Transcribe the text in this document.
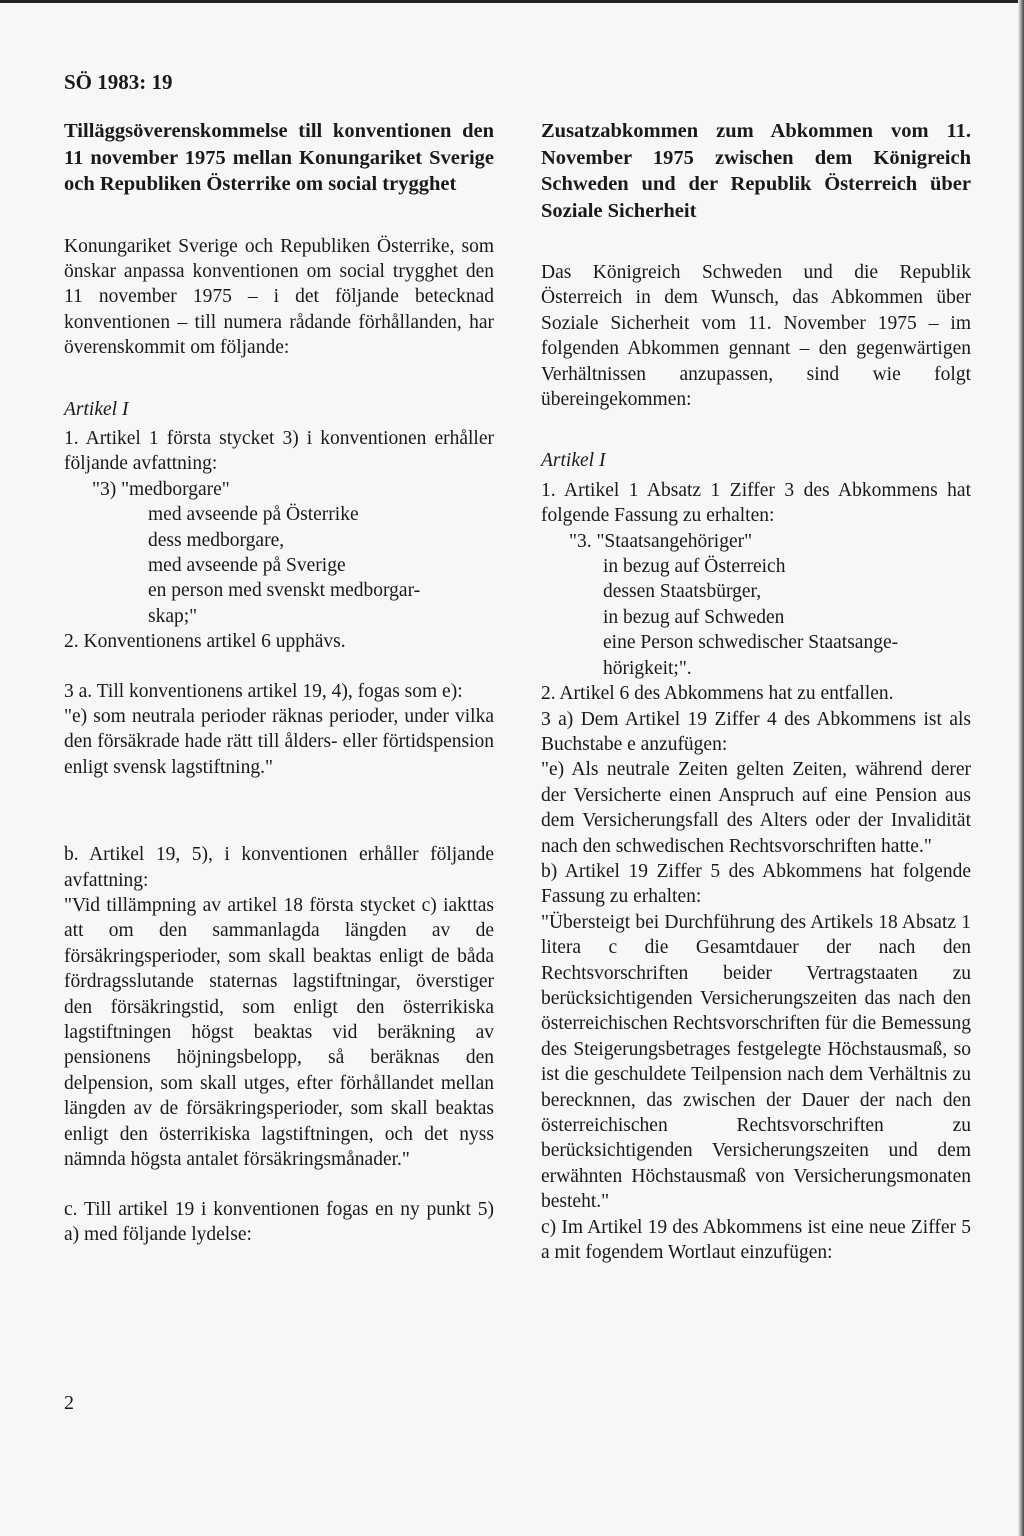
SÖ 1983: 19

Tilläggsöverenskommelse till konventionen den 11 november 1975 mellan Konungariket Sverige och Republiken Österrike om social trygghet

Konungariket Sverige och Republiken Österrike, som önskar anpassa konventionen om social trygghet den 11 november 1975 – i det följande betecknad konventionen – till numera rådande förhållanden, har överenskommit om följande:

Artikel I

1. Artikel 1 första stycket 3) i konventionen erhåller följande avfattning:

"3) "medborgare"
med avseende på Österrike
dess medborgare,
med avseende på Sverige
en person med svenskt medborgar-
skap;"

2. Konventionens artikel 6 upphävs.

3 a. Till konventionens artikel 19, 4), fogas som e):

"e) som neutrala perioder räknas perioder, under vilka den försäkrade hade rätt till ålders- eller förtidspension enligt svensk lagstiftning."

b. Artikel 19, 5), i konventionen erhåller följande avfattning:

"Vid tillämpning av artikel 18 första stycket c) iakttas att om den sammanlagda längden av de försäkringsperioder, som skall beaktas enligt de båda fördragsslutande staternas lagstiftningar, överstiger den försäkringstid, som enligt den österrikiska lagstiftningen högst beaktas vid beräkning av pensionens höjningsbelopp, så beräknas den delpension, som skall utges, efter förhållandet mellan längden av de försäkringsperioder, som skall beaktas enligt den österrikiska lagstiftningen, och det nyss nämnda högsta antalet försäkringsmånader."

c. Till artikel 19 i konventionen fogas en ny punkt 5) a) med följande lydelse:

Zusatzabkommen zum Abkommen vom 11. November 1975 zwischen dem Königreich Schweden und der Republik Österreich über Soziale Sicherheit

Das Königreich Schweden und die Republik Österreich in dem Wunsch, das Abkommen über Soziale Sicherheit vom 11. November 1975 – im folgenden Abkommen gennant – den gegenwärtigen Verhältnissen anzupassen, sind wie folgt übereingekommen:

Artikel I

1. Artikel 1 Absatz 1 Ziffer 3 des Abkommens hat folgende Fassung zu erhalten:

"3. "Staatsangehöriger"
in bezug auf Österreich
dessen Staatsbürger,
in bezug auf Schweden
eine Person schwedischer Staatsange-
hörigkeit;".

2. Artikel 6 des Abkommens hat zu entfallen.

3 a) Dem Artikel 19 Ziffer 4 des Abkommens ist als Buchstabe e anzufügen:

"e) Als neutrale Zeiten gelten Zeiten, während derer der Versicherte einen Anspruch auf eine Pension aus dem Versicherungsfall des Alters oder der Invalidität nach den schwedischen Rechtsvorschriften hatte."

b) Artikel 19 Ziffer 5 des Abkommens hat folgende Fassung zu erhalten:

"Übersteigt bei Durchführung des Artikels 18 Absatz 1 litera c die Gesamtdauer der nach den Rechtsvorschriften beider Vertragstaaten zu berücksichtigenden Versicherungszeiten das nach den österreichischen Rechtsvorschriften für die Bemessung des Steigerungsbetrages festgelegte Höchstausmaß, so ist die geschuldete Teilpension nach dem Verhältnis zu berecknnen, das zwischen der Dauer der nach den österreichischen Rechtsvorschriften zu berücksichtigenden Versicherungszeiten und dem erwähnten Höchstausmaß von Versicherungsmonaten besteht."

c) Im Artikel 19 des Abkommens ist eine neue Ziffer 5 a mit fogendem Wortlaut einzufügen:

2
